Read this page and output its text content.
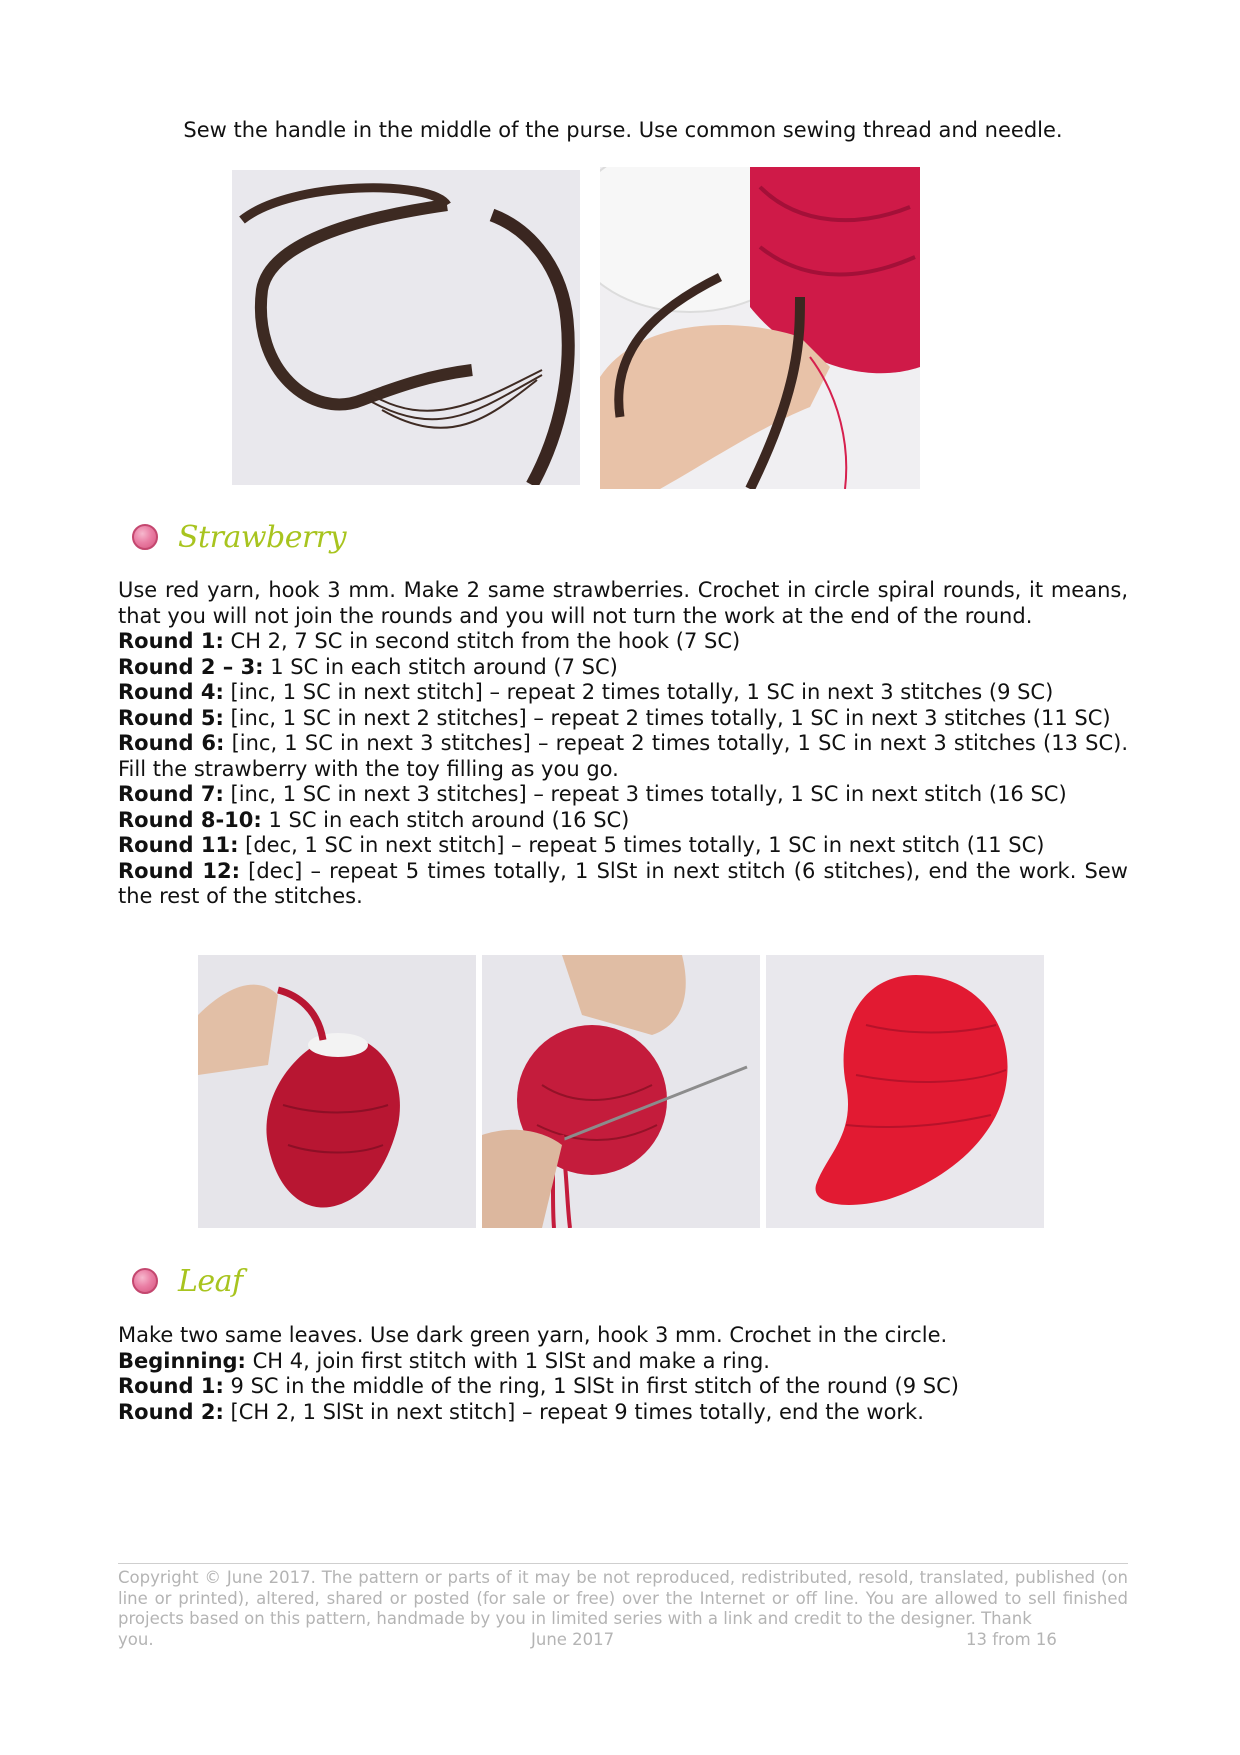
Sew the handle in the middle of the purse. Use common sewing thread and needle.

Strawberry

Use red yarn, hook 3 mm. Make 2 same strawberries. Crochet in circle spiral rounds, it means, that you will not join the rounds and you will not turn the work at the end of the round.
Round 1: CH 2, 7 SC in second stitch from the hook (7 SC)
Round 2 – 3: 1 SC in each stitch around (7 SC)
Round 4: [inc, 1 SC in next stitch] – repeat 2 times totally, 1 SC in next 3 stitches (9 SC)
Round 5: [inc, 1 SC in next 2 stitches] – repeat 2 times totally, 1 SC in next 3 stitches (11 SC)
Round 6: [inc, 1 SC in next 3 stitches] – repeat 2 times totally, 1 SC in next 3 stitches (13 SC). Fill the strawberry with the toy filling as you go.
Round 7: [inc, 1 SC in next 3 stitches] – repeat 3 times totally, 1 SC in next stitch (16 SC)
Round 8-10: 1 SC in each stitch around (16 SC)
Round 11: [dec, 1 SC in next stitch] – repeat 5 times totally, 1 SC in next stitch (11 SC)
Round 12: [dec] – repeat 5 times totally, 1 SlSt in next stitch (6 stitches), end the work. Sew the rest of the stitches.

Leaf

Make two same leaves. Use dark green yarn, hook 3 mm. Crochet in the circle.
Beginning: CH 4, join first stitch with 1 SlSt and make a ring.
Round 1: 9 SC in the middle of the ring, 1 SlSt in first stitch of the round (9 SC)
Round 2: [CH 2, 1 SlSt in next stitch] – repeat 9 times totally, end the work.

Copyright © June 2017. The pattern or parts of it may be not reproduced, redistributed, resold, translated, published (on line or printed), altered, shared or posted (for sale or free) over the Internet or off line. You are allowed to sell finished projects based on this pattern, handmade by you in limited series with a link and credit to the designer. Thank
you.	June 2017	13 from 16
